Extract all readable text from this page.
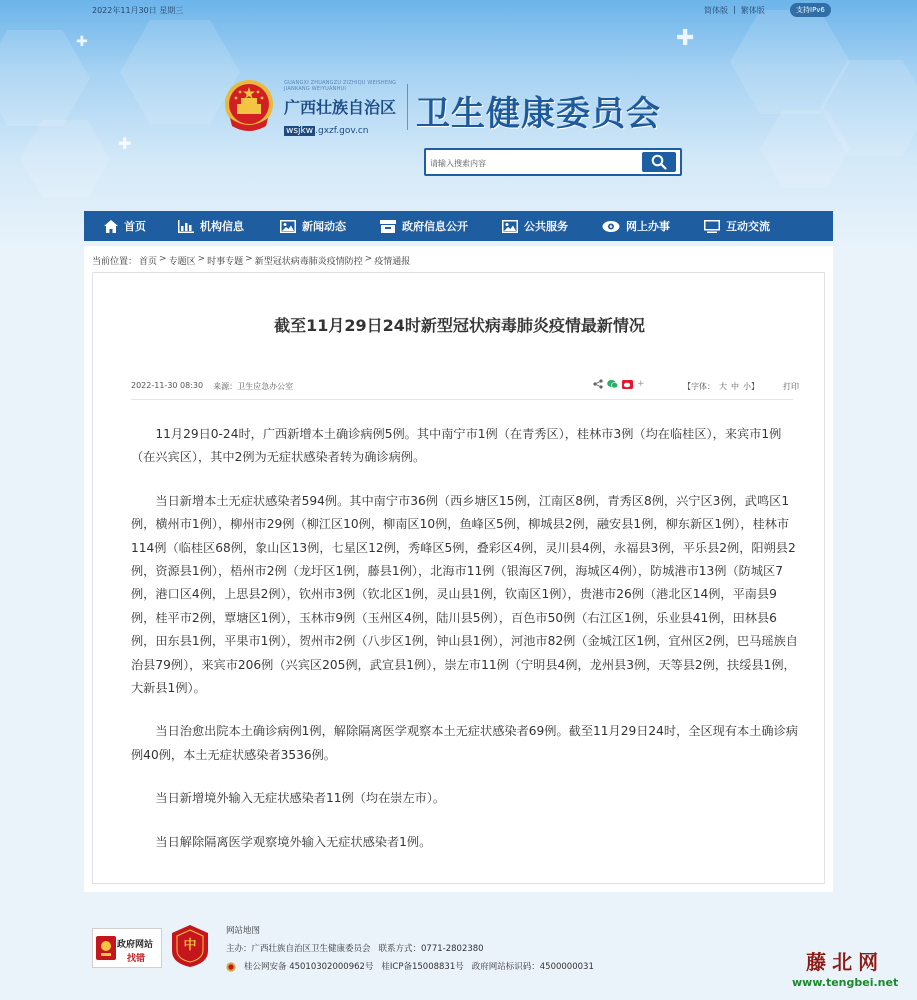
✚
✚
✚
2022年11月30日 星期三	简体版 | 繁体版	支持IPv6
GUANGXI ZHUANGZU ZIZHIQU WEISHENG
JIANKANG WEIYUANHUI
广西壮族自治区
wsjkw .gxzf.gov.cn	卫生健康委员会
请输入搜索内容
首页	机构信息	新闻动态	政府信息公开	公共服务	网上办事	互动交流
当前位置： 首页 > 专题区 > 时事专题 > 新型冠状病毒肺炎疫情防控 > 疫情通报
截至11月29日24时新型冠状病毒肺炎疫情最新情况
2022-11-30 08:30 来源：卫生应急办公室	+	【字体： 大 中 小】	打印

11月29日0-24时，广西新增本土确诊病例5例。其中南宁市1例（在青秀区），桂林市3例（均在临桂区），来宾市1例（在兴宾区），其中2例为无症状感染者转为确诊病例。

当日新增本土无症状感染者594例。其中南宁市36例（西乡塘区15例，江南区8例，青秀区8例，兴宁区3例，武鸣区1例，横州市1例），柳州市29例（柳江区10例，柳南区10例，鱼峰区5例，柳城县2例，融安县1例，柳东新区1例），桂林市114例（临桂区68例，象山区13例，七星区12例，秀峰区5例，叠彩区4例，灵川县4例，永福县3例，平乐县2例，阳朔县2例，资源县1例），梧州市2例（龙圩区1例，藤县1例），北海市11例（银海区7例，海城区4例），防城港市13例（防城区7例，港口区4例，上思县2例），钦州市3例（钦北区1例，灵山县1例，钦南区1例），贵港市26例（港北区14例，平南县9例，桂平市2例，覃塘区1例），玉林市9例（玉州区4例，陆川县5例），百色市50例（右江区1例，乐业县41例，田林县6例，田东县1例，平果市1例），贺州市2例（八步区1例，钟山县1例），河池市82例（金城江区1例，宜州区2例，巴马瑶族自治县79例），来宾市206例（兴宾区205例，武宣县1例），崇左市11例（宁明县4例，龙州县3例，天等县2例，扶绥县1例，大新县1例）。

当日治愈出院本土确诊病例1例，解除隔离医学观察本土无症状感染者69例。截至11月29日24时，全区现有本土确诊病例40例，本土无症状感染者3536例。

当日新增境外输入无症状感染者11例（均在崇左市）。

当日解除隔离医学观察境外输入无症状感染者1例。

政府网站
找错
中
网站地图
主办：广西壮族自治区卫生健康委员会 联系方式：0771-2802380
桂公网安备 45010302000962号 桂ICP备15008831号 政府网站标识码：4500000031	藤北网
www.tengbei.net
